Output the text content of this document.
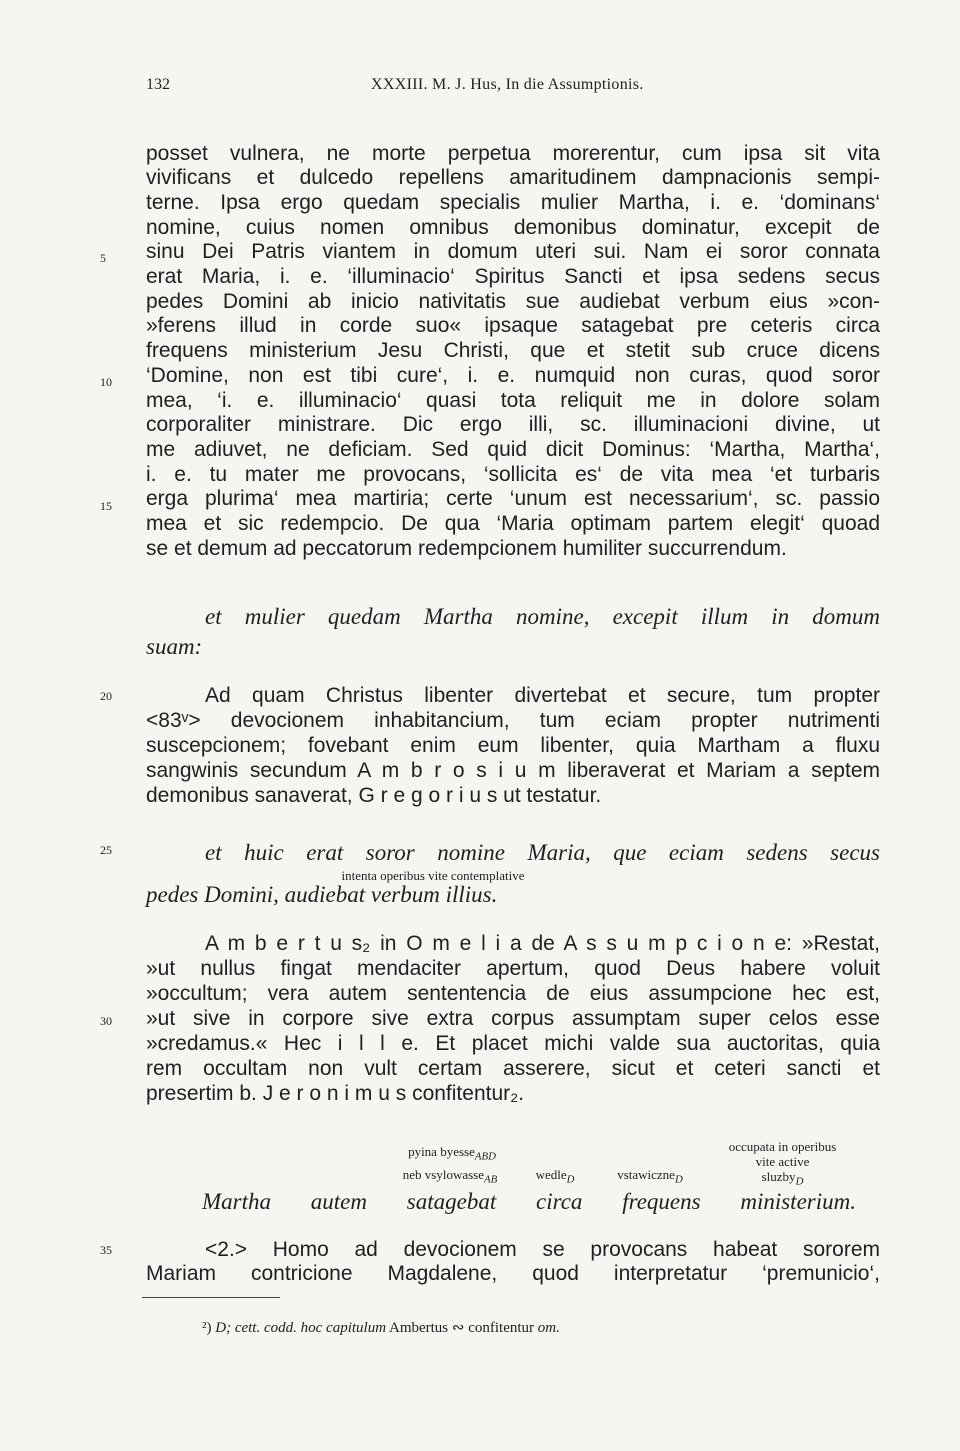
132	XXXIII. M. J. Hus, In die Assumptionis.
posset vulnera, ne morte perpetua morerentur, cum ipsa sit vita
vivificans et dulcedo repellens amaritudinem dampnacionis sempi-
terne. Ipsa ergo quedam specialis mulier Martha, i. e. ‘dominans‘
nomine, cuius nomen omnibus demonibus dominatur, excepit de
sinu Dei Patris viantem in domum uteri sui. Nam ei soror connata
erat Maria, i. e. ‘illuminacio‘ Spiritus Sancti et ipsa sedens secus
pedes Domini ab inicio nativitatis sue audiebat verbum eius »con-
»ferens illud in corde suo« ipsaque satagebat pre ceteris circa
frequens ministerium Jesu Christi, que et stetit sub cruce dicens
‘Domine, non est tibi cure‘, i. e. numquid non curas, quod soror
mea, ‘i. e. illuminacio‘ quasi tota reliquit me in dolore solam
corporaliter ministrare. Dic ergo illi, sc. illuminacioni divine, ut
me adiuvet, ne deficiam. Sed quid dicit Dominus: ‘Martha, Martha‘,
i. e. tu mater me provocans, ‘sollicita es‘ de vita mea ‘et turbaris
erga plurima‘ mea martiria; certe ‘unum est necessarium‘, sc. passio
mea et sic redempcio. De qua ‘Maria optimam partem elegit‘ quoad
se et demum ad peccatorum redempcionem humiliter succurrendum.
et mulier quedam Martha nomine, excepit illum in domum
suam:
Ad quam Christus libenter divertebat et secure, tum propter
<83ᵛ> devocionem inhabitancium, tum eciam propter nutrimenti
suscepcionem; fovebant enim eum libenter, quia Martham a fluxu
sangwinis secundum A m b r o s i u m liberaverat et Mariam a septem
demonibus sanaverat, G r e g o r i u s ut testatur.
et huic erat soror nomine Maria, que eciam sedens secus
intenta operibus vite contemplative
pedes Domini, audiebat verbum illius.
A m b e r t u s₂ in O m e l i a de A s s u m p c i o n e: »Restat,
»ut nullus fingat mendaciter apertum, quod Deus habere voluit
»occultum; vera autem sententencia de eius assumpcione hec est,
»ut sive in corpore sive extra corpus assumptam super celos esse
»credamus.« Hec i l l e. Et placet michi valde sua auctoritas, quia
rem occultam non vult certam asserere, sicut et ceteri sancti et
presertim b. J e r o n i m u s confitentur₂.
pyina byesse$_{ABD}$
neb vsylowasse$_{AB}$	wedle$_D$	vstawiczne$_D$
occupata in operibus
vite active
sluzby$_D$
Martha autem satagebat circa frequens ministerium.
<2.> Homo ad devocionem se provocans habeat sororem
Mariam contricione Magdalene, quod interpretatur ‘premunicio‘,
5
10
15
20
25
30
35
²) D; cett. codd. hoc capitulum Ambertus ∾ confitentur om.
